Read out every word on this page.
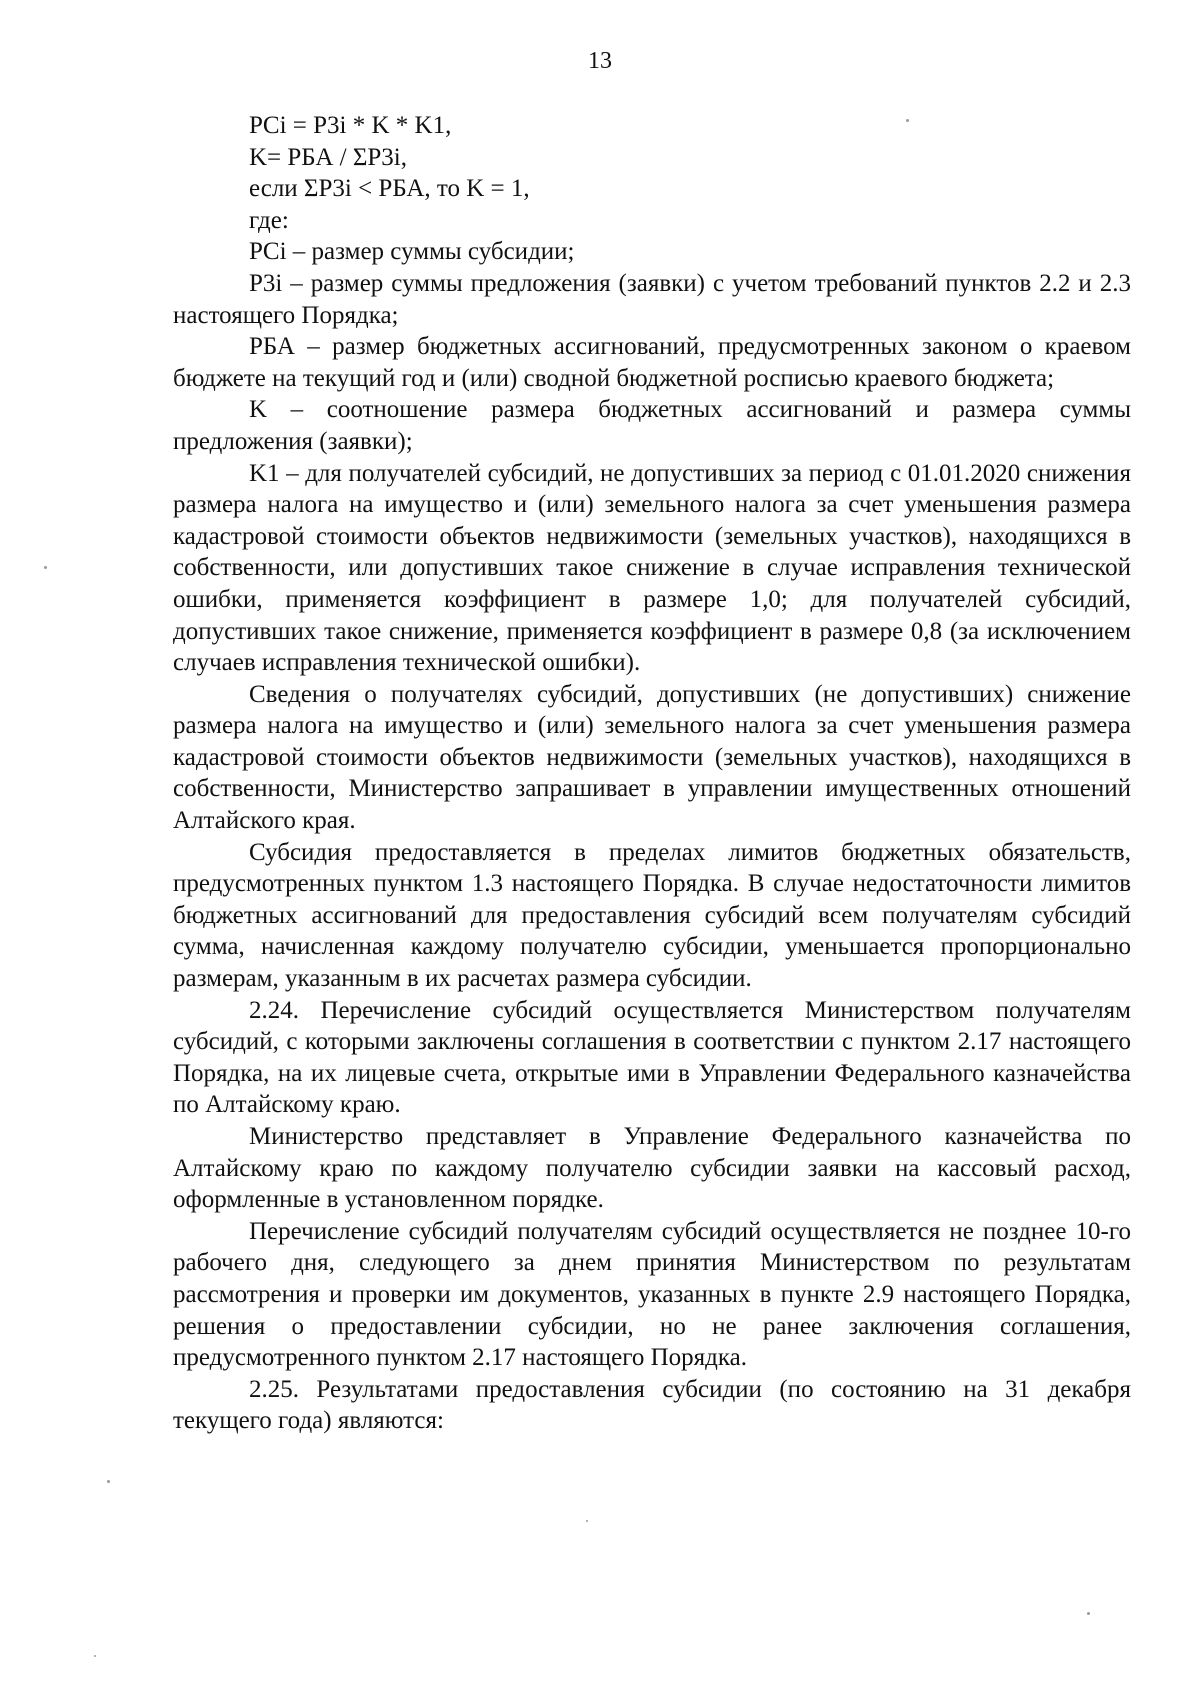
13

PCi = P3i * K * K1,

K= РБА / ΣP3i,

если ΣP3i < РБА, то K = 1,

где:

PCi – размер суммы субсидии;

P3i – размер суммы предложения (заявки) с учетом требований пунктов 2.2 и 2.3 настоящего Порядка;

РБА – размер бюджетных ассигнований, предусмотренных законом о краевом бюджете на текущий год и (или) сводной бюджетной росписью краевого бюджета;

K – соотношение размера бюджетных ассигнований и размера суммы предложения (заявки);

K1 – для получателей субсидий, не допустивших за период с 01.01.2020 снижения размера налога на имущество и (или) земельного налога за счет уменьшения размера кадастровой стоимости объектов недвижимости (земельных участков), находящихся в собственности, или допустивших такое снижение в случае исправления технической ошибки, применяется коэффициент в размере 1,0; для получателей субсидий, допустивших такое снижение, применяется коэффициент в размере 0,8 (за исключением случаев исправления технической ошибки).

Сведения о получателях субсидий, допустивших (не допустивших) снижение размера налога на имущество и (или) земельного налога за счет уменьшения размера кадастровой стоимости объектов недвижимости (земельных участков), находящихся в собственности, Министерство запрашивает в управлении имущественных отношений Алтайского края.

Субсидия предоставляется в пределах лимитов бюджетных обязательств, предусмотренных пунктом 1.3 настоящего Порядка. В случае недостаточности лимитов бюджетных ассигнований для предоставления субсидий всем получателям субсидий сумма, начисленная каждому получателю субсидии, уменьшается пропорционально размерам, указанным в их расчетах размера субсидии.

2.24. Перечисление субсидий осуществляется Министерством получателям субсидий, с которыми заключены соглашения в соответствии с пунктом 2.17 настоящего Порядка, на их лицевые счета, открытые ими в Управлении Федерального казначейства по Алтайскому краю.

Министерство представляет в Управление Федерального казначейства по Алтайскому краю по каждому получателю субсидии заявки на кассовый расход, оформленные в установленном порядке.

Перечисление субсидий получателям субсидий осуществляется не позднее 10-го рабочего дня, следующего за днем принятия Министерством по результатам рассмотрения и проверки им документов, указанных в пункте 2.9 настоящего Порядка, решения о предоставлении субсидии, но не ранее заключения соглашения, предусмотренного пунктом 2.17 настоящего Порядка.

2.25. Результатами предоставления субсидии (по состоянию на 31 декабря текущего года) являются:
